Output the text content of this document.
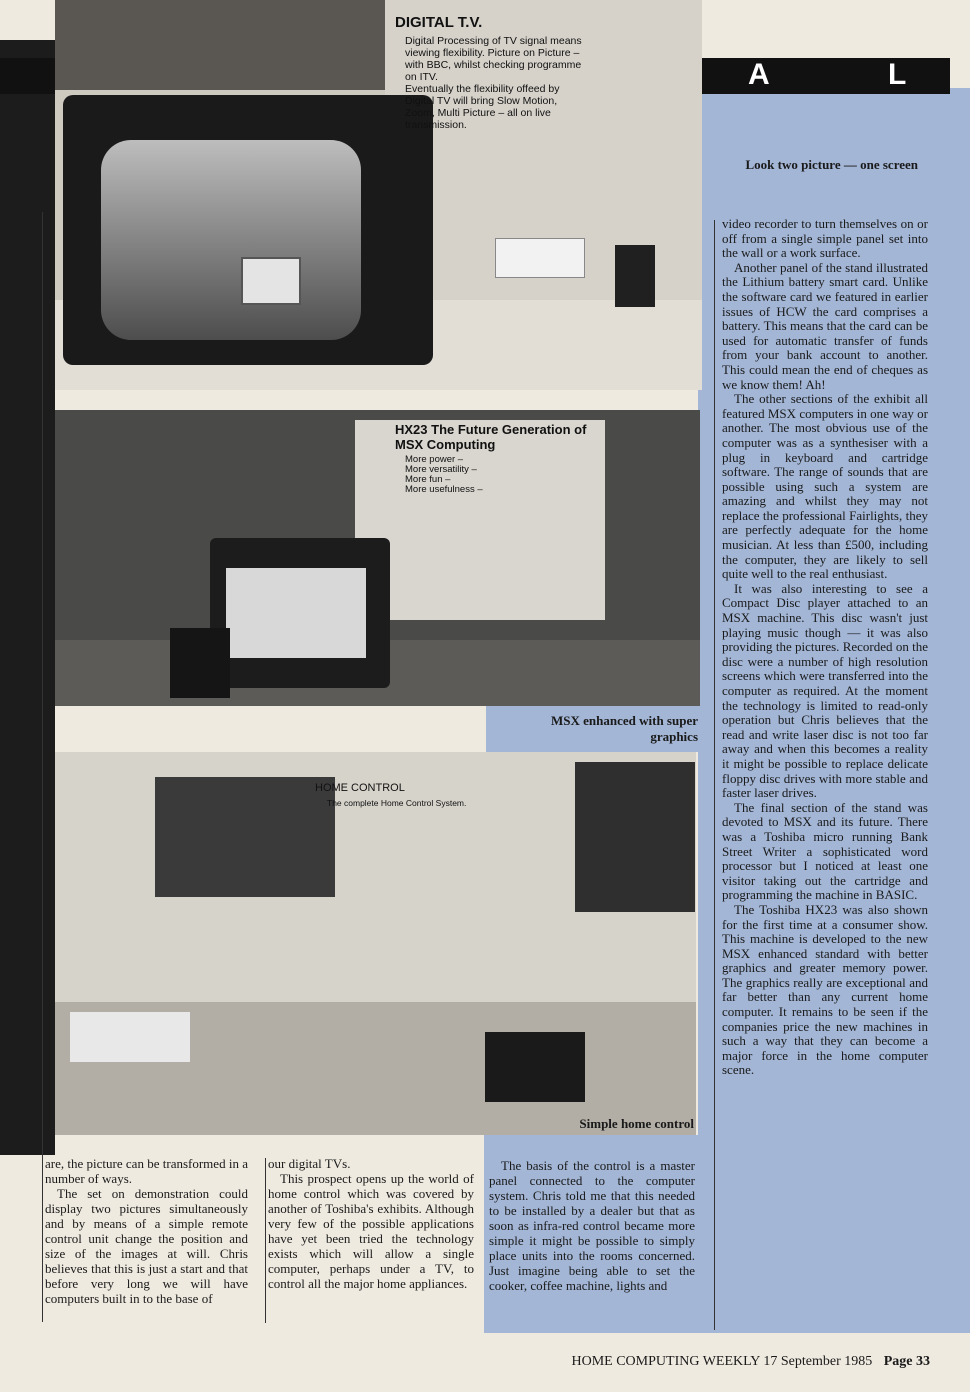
A	L
DIGITAL T.V.
Digital Processing of TV signal means
viewing flexibility. Picture on Picture –
with BBC, whilst checking programme
on ITV.
Eventually the flexibility offeed by
Digital TV will bring Slow Motion,
Zoom, Multi Picture – all on live
transmission.
Look two picture — one screen
HX23 The Future Generation of
MSX Computing
More power –
More versatility –
More fun –
More usefulness –
MSX enhanced with super
graphics
HOME CONTROL
The complete Home Control System.
Simple home control

are, the picture can be transformed in a number of ways.

The set on demonstration could display two pictures simultaneously and by means of a simple remote control unit change the position and size of the images at will. Chris believes that this is just a start and that before very long we will have computers built in to the base of

our digital TVs.

This prospect opens up the world of home control which was covered by another of Toshiba's exhibits. Although very few of the possible applications have yet been tried the technology exists which will allow a single computer, perhaps under a TV, to control all the major home appliances.

The basis of the control is a master panel connected to the computer system. Chris told me that this needed to be installed by a dealer but that as soon as infra-red control became more simple it might be possible to simply place units into the rooms concerned. Just imagine being able to set the cooker, coffee machine, lights and

video recorder to turn themselves on or off from a single simple panel set into the wall or a work surface.

Another panel of the stand illustrated the Lithium battery smart card. Unlike the software card we featured in earlier issues of HCW the card comprises a battery. This means that the card can be used for automatic transfer of funds from your bank account to another. This could mean the end of cheques as we know them! Ah!

The other sections of the exhibit all featured MSX computers in one way or another. The most obvious use of the computer was as a synthesiser with a plug in keyboard and cartridge software. The range of sounds that are possible using such a system are amazing and whilst they may not replace the professional Fairlights, they are perfectly adequate for the home musician. At less than £500, including the computer, they are likely to sell quite well to the real enthusiast.

It was also interesting to see a Compact Disc player attached to an MSX machine. This disc wasn't just playing music though — it was also providing the pictures. Recorded on the disc were a number of high resolution screens which were transferred into the computer as required. At the moment the technology is limited to read-only operation but Chris believes that the read and write laser disc is not too far away and when this becomes a reality it might be possible to replace delicate floppy disc drives with more stable and faster laser drives.

The final section of the stand was devoted to MSX and its future. There was a Toshiba micro running Bank Street Writer a sophisticated word processor but I noticed at least one visitor taking out the cartridge and programming the machine in BASIC.

The Toshiba HX23 was also shown for the first time at a consumer show. This machine is developed to the new MSX enhanced standard with better graphics and greater memory power. The graphics really are exceptional and far better than any current home computer. It remains to be seen if the companies price the new machines in such a way that they can become a major force in the home computer scene.

HOME COMPUTING WEEKLY 17 September 1985 Page 33
